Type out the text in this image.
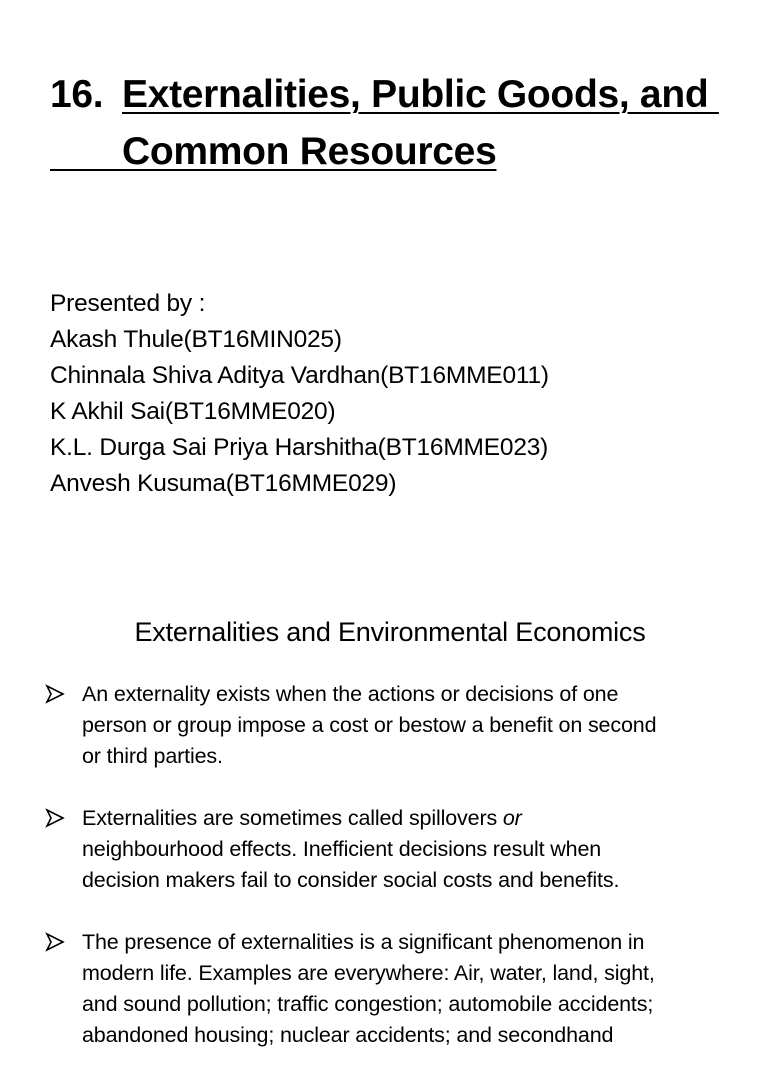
16. Externalities, Public Goods, and
Common Resources
Presented by :
Akash Thule(BT16MIN025)
Chinnala Shiva Aditya Vardhan(BT16MME011)
K Akhil Sai(BT16MME020)
K.L. Durga Sai Priya Harshitha(BT16MME023)
Anvesh Kusuma(BT16MME029)
Externalities and Environmental Economics
An externality exists when the actions or decisions of one
person or group impose a cost or bestow a benefit on second
or third parties.
Externalities are sometimes called spillovers or
neighbourhood effects. Inefficient decisions result when
decision makers fail to consider social costs and benefits.
The presence of externalities is a significant phenomenon in
modern life. Examples are everywhere: Air, water, land, sight,
and sound pollution; traffic congestion; automobile accidents;
abandoned housing; nuclear accidents; and secondhand
